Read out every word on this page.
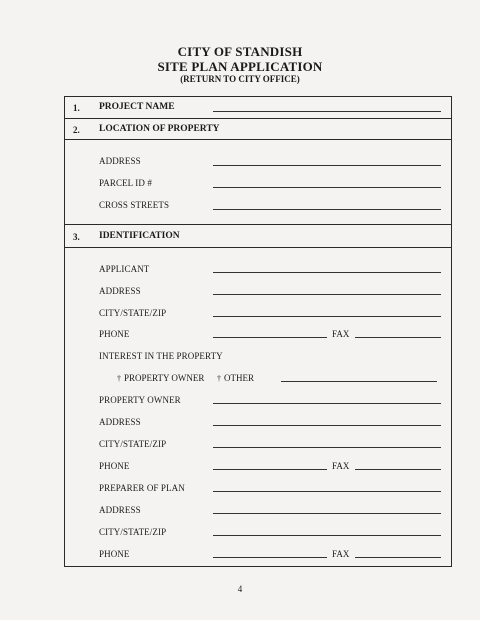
CITY OF STANDISH
SITE PLAN APPLICATION
(RETURN TO CITY OFFICE)
1. PROJECT NAME
2. LOCATION OF PROPERTY
ADDRESS
PARCEL ID #
CROSS STREETS
3. IDENTIFICATION
APPLICANT
ADDRESS
CITY/STATE/ZIP
PHONE	FAX
INTEREST IN THE PROPERTY
† PROPERTY OWNER † OTHER
PROPERTY OWNER
ADDRESS
CITY/STATE/ZIP
PHONE	FAX
PREPARER OF PLAN
ADDRESS
CITY/STATE/ZIP
PHONE	FAX
4
